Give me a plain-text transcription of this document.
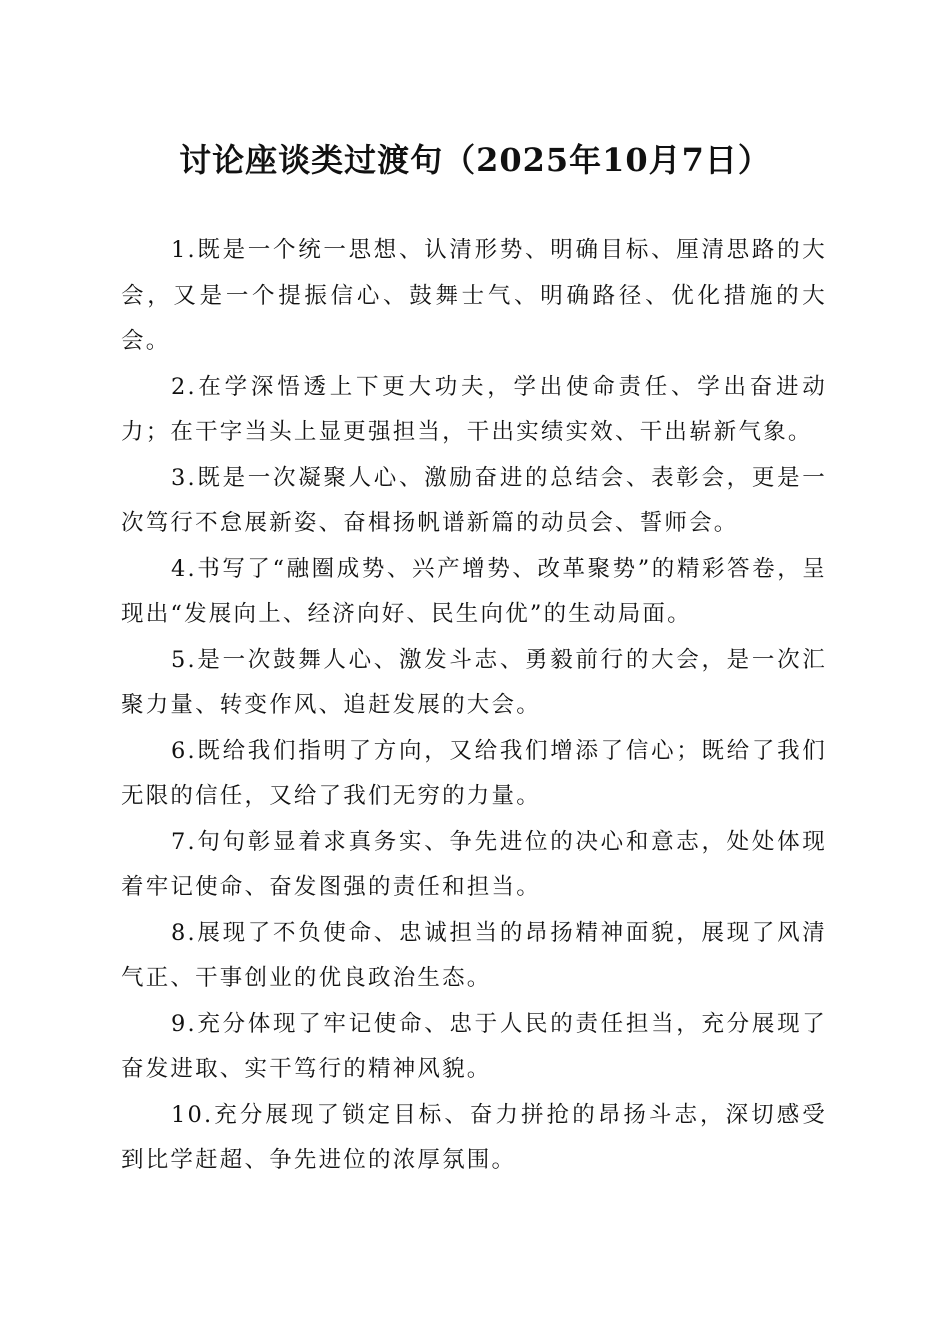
讨论座谈类过渡句（2025年10月7日）

1.既是一个统一思想、认清形势、明确目标、厘清思路的大会，又是一个提振信心、鼓舞士气、明确路径、优化措施的大会。

2.在学深悟透上下更大功夫，学出使命责任、学出奋进动力；在干字当头上显更强担当，干出实绩实效、干出崭新气象。

3.既是一次凝聚人心、激励奋进的总结会、表彰会，更是一次笃行不怠展新姿、奋楫扬帆谱新篇的动员会、誓师会。

4.书写了“融圈成势、兴产增势、改革聚势”的精彩答卷，呈现出“发展向上、经济向好、民生向优”的生动局面。

5.是一次鼓舞人心、激发斗志、勇毅前行的大会，是一次汇聚力量、转变作风、追赶发展的大会。

6.既给我们指明了方向，又给我们增添了信心；既给了我们无限的信任，又给了我们无穷的力量。

7.句句彰显着求真务实、争先进位的决心和意志，处处体现着牢记使命、奋发图强的责任和担当。

8.展现了不负使命、忠诚担当的昂扬精神面貌，展现了风清气正、干事创业的优良政治生态。

9.充分体现了牢记使命、忠于人民的责任担当，充分展现了奋发进取、实干笃行的精神风貌。

10.充分展现了锁定目标、奋力拼抢的昂扬斗志，深切感受到比学赶超、争先进位的浓厚氛围。
